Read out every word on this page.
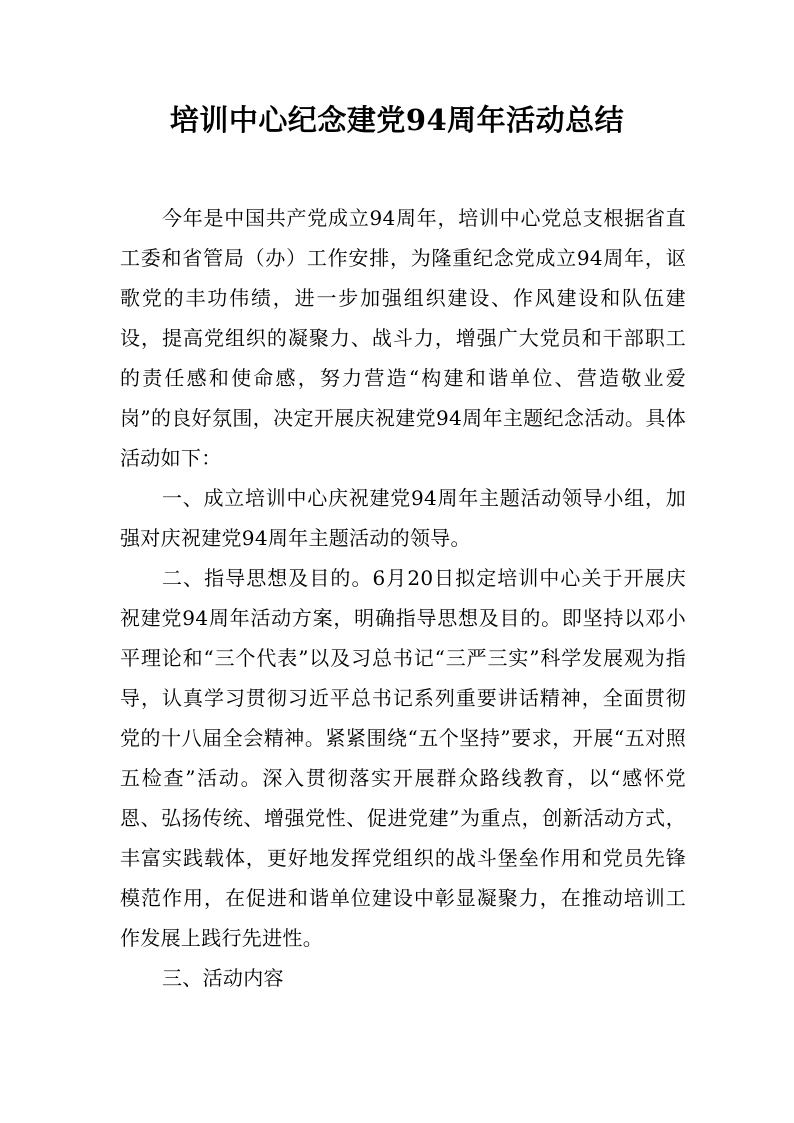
培训中心纪念建党94周年活动总结

今年是中国共产党成立94周年，培训中心党总支根据省直工委和省管局（办）工作安排，为隆重纪念党成立94周年，讴歌党的丰功伟绩，进一步加强组织建设、作风建设和队伍建设，提高党组织的凝聚力、战斗力，增强广大党员和干部职工的责任感和使命感，努力营造“构建和谐单位、营造敬业爱岗”的良好氛围，决定开展庆祝建党94周年主题纪念活动。具体活动如下：

一、成立培训中心庆祝建党94周年主题活动领导小组，加强对庆祝建党94周年主题活动的领导。

二、指导思想及目的。6月20日拟定培训中心关于开展庆祝建党94周年活动方案，明确指导思想及目的。即坚持以邓小平理论和“三个代表”以及习总书记“三严三实”科学发展观为指导，认真学习贯彻习近平总书记系列重要讲话精神，全面贯彻党的十八届全会精神。紧紧围绕“五个坚持”要求，开展“五对照五检查”活动。深入贯彻落实开展群众路线教育，以“感怀党恩、弘扬传统、增强党性、促进党建”为重点，创新活动方式，丰富实践载体，更好地发挥党组织的战斗堡垒作用和党员先锋模范作用，在促进和谐单位建设中彰显凝聚力，在推动培训工作发展上践行先进性。

三、活动内容
